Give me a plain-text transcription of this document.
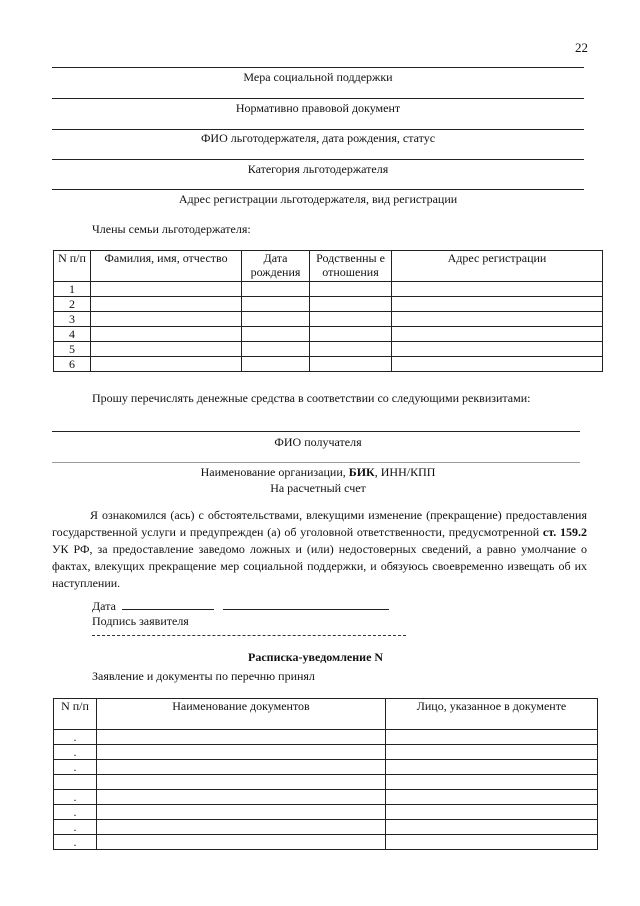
22
Мера социальной поддержки
Нормативно правовой документ
ФИО льготодержателя, дата рождения, статус
Категория льготодержателя
Адрес регистрации льготодержателя, вид регистрации
Члены семьи льготодержателя:
N п/п	Фамилия, имя, отчество	Дата рождения	Родственны е отношения	Адрес регистрации
1				
2				
3				
4				
5				
6				
Прошу перечислять денежные средства в соответствии со следующими реквизитами:
ФИО получателя
Наименование организации, БИК, ИНН/КПП
На расчетный счет
Я ознакомился (ась) с обстоятельствами, влекущими изменение (прекращение) предоставления государственной услуги и предупрежден (а) об уголовной ответственности, предусмотренной ст. 159.2 УК РФ, за предоставление заведомо ложных и (или) недостоверных сведений, а равно умолчание о фактах, влекущих прекращение мер социальной поддержки, и обязуюсь своевременно извещать об их наступлении.
Дата
Подпись заявителя
Расписка-уведомление N
Заявление и документы по перечню принял
N п/п	Наименование документов	Лицо, указанное в документе
.		
.		
.		

.		
.		
.		
.		
